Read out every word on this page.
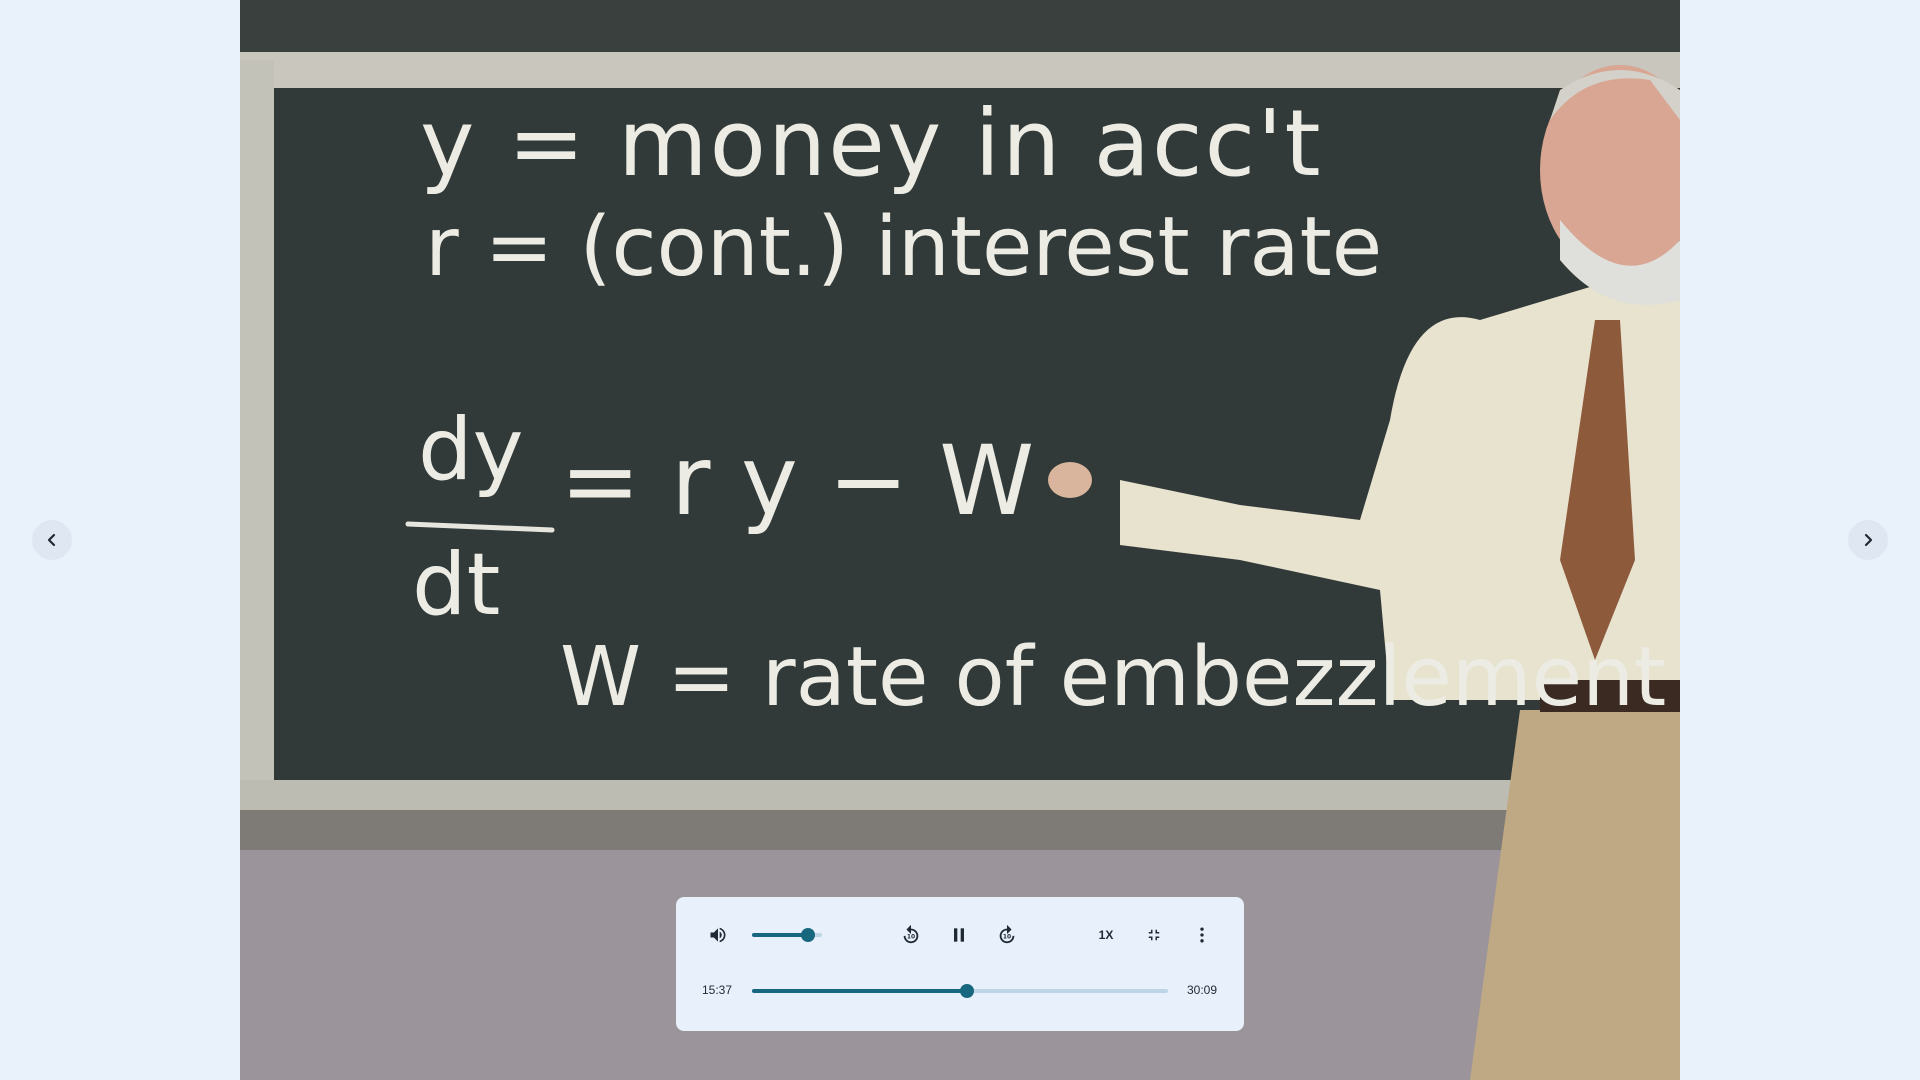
y = money in acc't
r = (cont.) interest rate
dy
dt
= r y − W
W = rate of embezzlement
10	10	1X
15:37	30:09
